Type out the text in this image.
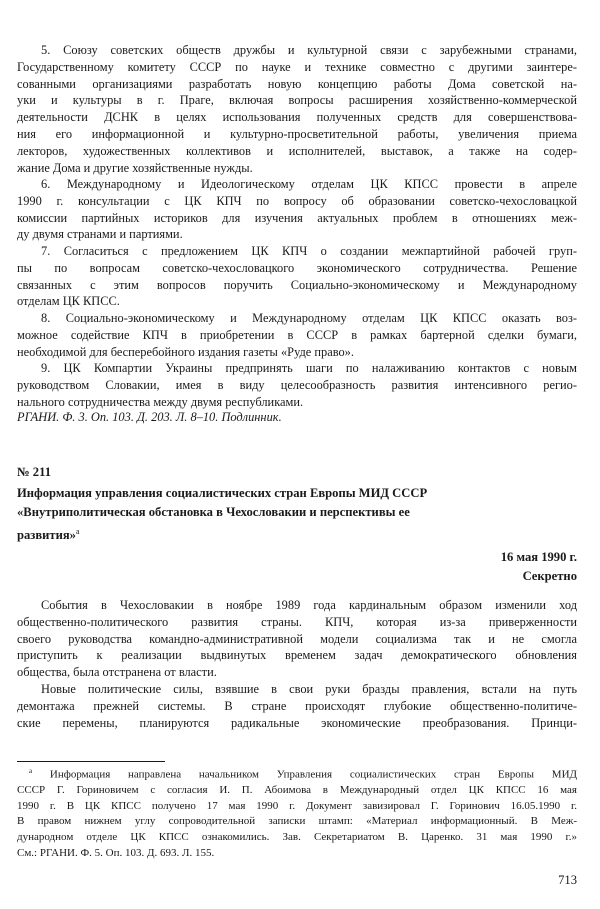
5. Союзу советских обществ дружбы и культурной связи с зарубежными странами,
Государственному комитету СССР по науке и технике совместно с другими заинтере-
сованными организациями разработать новую концепцию работы Дома советской на-
уки и культуры в г. Праге, включая вопросы расширения хозяйственно-коммерческой
деятельности ДСНК в целях использования полученных средств для совершенствова-
ния его информационной и культурно-просветительной работы, увеличения приема
лекторов, художественных коллективов и исполнителей, выставок, а также на содер-
жание Дома и другие хозяйственные нужды.
6. Международному и Идеологическому отделам ЦК КПСС провести в апреле
1990 г. консультации с ЦК КПЧ по вопросу об образовании советско-чехословацкой
комиссии партийных историков для изучения актуальных проблем в отношениях меж-
ду двумя странами и партиями.
7. Согласиться с предложением ЦК КПЧ о создании межпартийной рабочей груп-
пы по вопросам советско-чехословацкого экономического сотрудничества. Решение
связанных с этим вопросов поручить Социально-экономическому и Международному
отделам ЦК КПСС.
8. Социально-экономическому и Международному отделам ЦК КПСС оказать воз-
можное содействие КПЧ в приобретении в СССР в рамках бартерной сделки бумаги,
необходимой для бесперебойного издания газеты «Руде право».
9. ЦК Компартии Украины предпринять шаги по налаживанию контактов с новым
руководством Словакии, имея в виду целесообразность развития интенсивного регио-
нального сотрудничества между двумя республиками.
РГАНИ. Ф. 3. Оп. 103. Д. 203. Л. 8–10. Подлинник.
№ 211
Информация управления социалистических стран Европы МИД СССР
«Внутриполитическая обстановка в Чехословакии и перспективы ее
развития»$^а$
16 мая 1990 г.
Секретно
События в Чехословакии в ноябре 1989 года кардинальным образом изменили ход
общественно-политического развития страны. КПЧ, которая из-за приверженности
своего руководства командно-административной модели социализма так и не смогла
приступить к реализации выдвинутых временем задач демократического обновления
общества, была отстранена от власти.
Новые политические силы, взявшие в свои руки бразды правления, встали на путь
демонтажа прежней системы. В стране происходят глубокие общественно-политиче-
ские перемены, планируются радикальные экономические преобразования. Принци-
$^а$ Информация направлена начальником Управления социалистических стран Европы МИД
СССР Г. Гориновичем с согласия И. П. Абоимова в Международный отдел ЦК КПСС 16 мая
1990 г. В ЦК КПСС получено 17 мая 1990 г. Документ завизировал Г. Горинович 16.05.1990 г.
В правом нижнем углу сопроводительной записки штамп: «Материал информационный. В Меж-
дународном отделе ЦК КПСС ознакомились. Зав. Секретариатом В. Царенко. 31 мая 1990 г.»
См.: РГАНИ. Ф. 5. Оп. 103. Д. 693. Л. 155.
713
